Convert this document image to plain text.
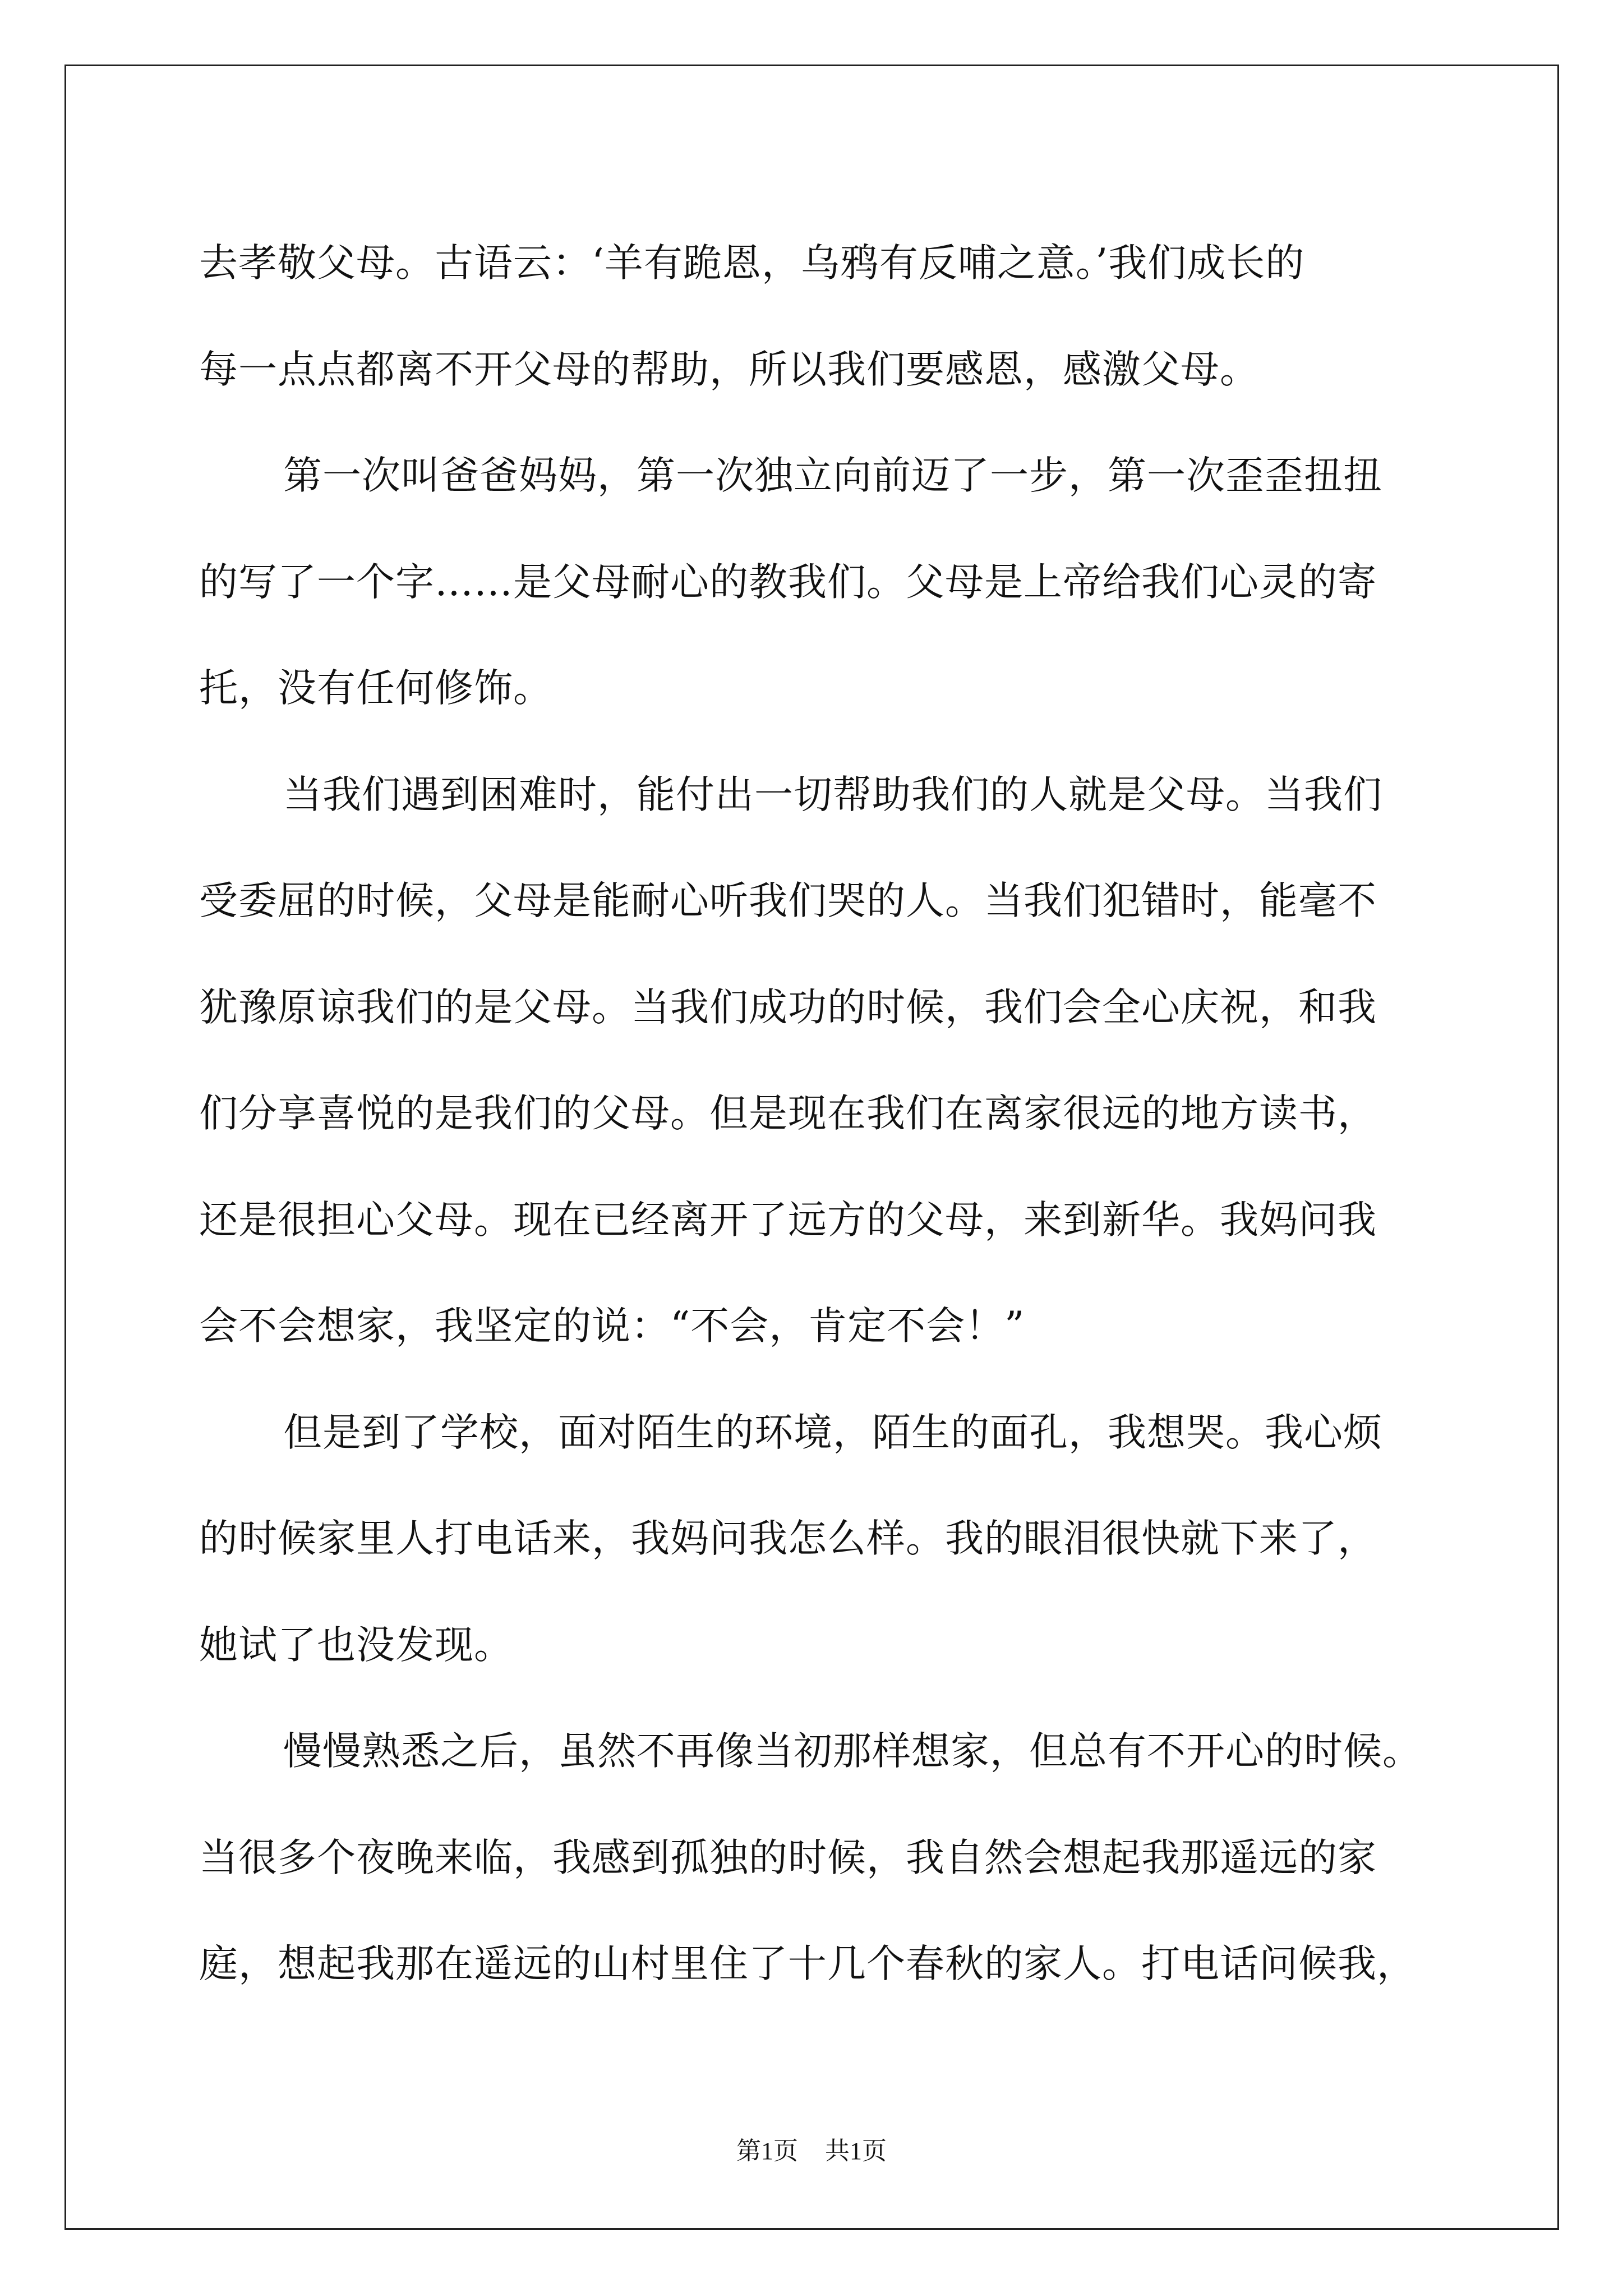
去孝敬父母。古语云：‘羊有跪恩，乌鸦有反哺之意。’我们成长的
每一点点都离不开父母的帮助，所以我们要感恩，感激父母。
第一次叫爸爸妈妈，第一次独立向前迈了一步，第一次歪歪扭扭
的写了一个字……是父母耐心的教我们。父母是上帝给我们心灵的寄
托，没有任何修饰。
当我们遇到困难时，能付出一切帮助我们的人就是父母。当我们
受委屈的时候，父母是能耐心听我们哭的人。当我们犯错时，能毫不
犹豫原谅我们的是父母。当我们成功的时候，我们会全心庆祝，和我
们分享喜悦的是我们的父母。但是现在我们在离家很远的地方读书，
还是很担心父母。现在已经离开了远方的父母，来到新华。我妈问我
会不会想家，我坚定的说：“不会，肯定不会！”
但是到了学校，面对陌生的环境，陌生的面孔，我想哭。我心烦
的时候家里人打电话来，我妈问我怎么样。我的眼泪很快就下来了，
她试了也没发现。
慢慢熟悉之后，虽然不再像当初那样想家，但总有不开心的时候。
当很多个夜晚来临，我感到孤独的时候，我自然会想起我那遥远的家
庭，想起我那在遥远的山村里住了十几个春秋的家人。打电话问候我，
第1页 共1页
